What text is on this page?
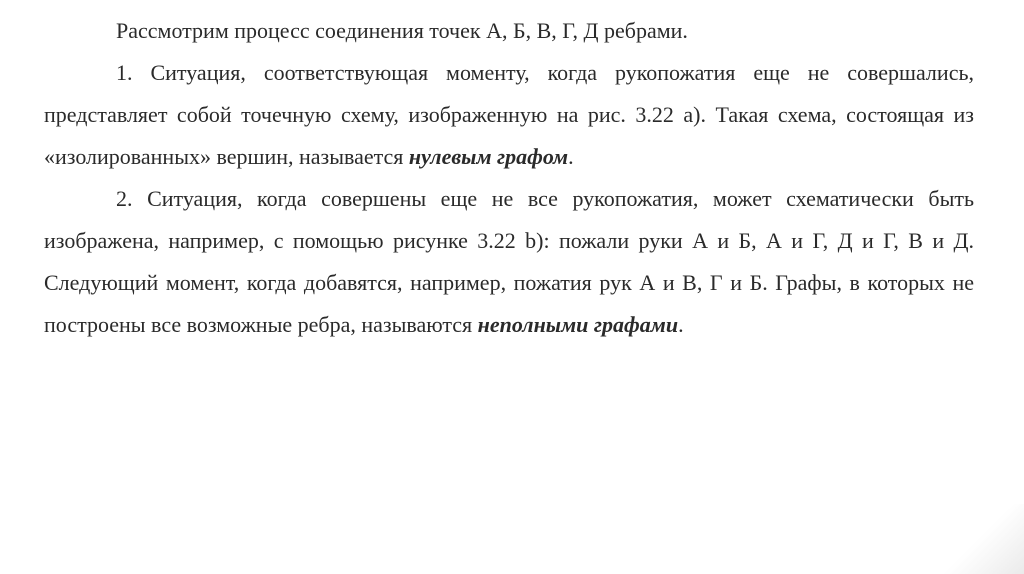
Рассмотрим процесс соединения точек А, Б, В, Г, Д ребрами.

1. Ситуация, соответствующая моменту, когда рукопожатия еще не совершались, представляет собой точечную схему, изображенную на рис. 3.22 а). Такая схема, состоящая из «изолированных» вершин, называется нулевым графом.

2. Ситуация, когда совершены еще не все рукопожатия, может схематически быть изображена, например, с помощью рисунке 3.22 b): пожали руки А и Б, А и Г, Д и Г, В и Д. Следующий момент, когда добавятся, например, пожатия рук А и В, Г и Б. Графы, в которых не построены все возможные ребра, называются неполными графами.
